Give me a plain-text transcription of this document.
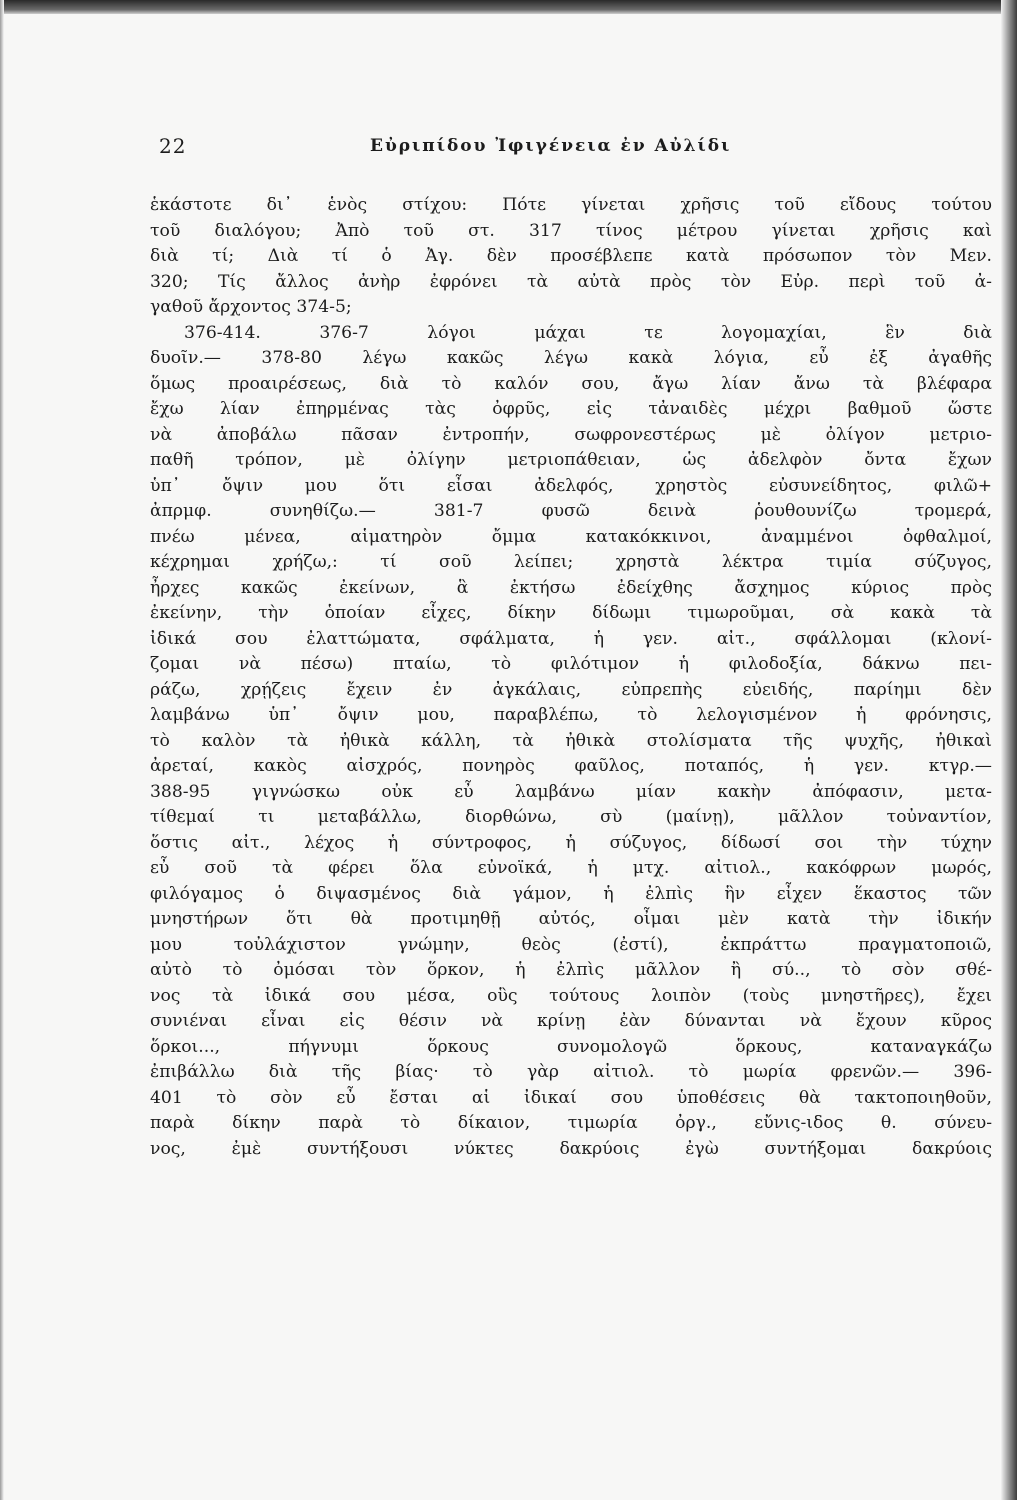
22	Εὐριπίδου Ἰφιγένεια ἐν Αὐλίδι
ἑκάστοτε δι᾽ ἑνὸς στίχου: Πότε γίνεται χρῆσις τοῦ εἴδους τούτου
τοῦ διαλόγου; Ἀπὸ τοῦ στ. 317 τίνος μέτρου γίνεται χρῆσις καὶ
διὰ τί; Διὰ τί ὁ Ἀγ. δὲν προσέβλεπε κατὰ πρόσωπον τὸν Μεν.
320; Τίς ἄλλος ἀνὴρ ἐφρόνει τὰ αὐτὰ πρὸς τὸν Εὐρ. περὶ τοῦ ἀ-
γαθοῦ ἄρχοντος 374-5;
376-414. 376-7 λόγοι μάχαι τε λογομαχίαι, ἓν διὰ
δυοῖν.— 378-80 λέγω κακῶς λέγω κακὰ λόγια, εὖ ἐξ ἀγαθῆς
ὅμως προαιρέσεως, διὰ τὸ καλόν σου, ἄγω λίαν ἄνω τὰ βλέφαρα
ἔχω λίαν ἐπηρμένας τὰς ὀφρῦς, εἰς τἀναιδὲς μέχρι βαθμοῦ ὥστε
νὰ ἀποβάλω πᾶσαν ἐντροπήν, σωφρονεστέρως μὲ ὀλίγον μετριο-
παθῆ τρόπον, μὲ ὀλίγην μετριοπάθειαν, ὡς ἀδελφὸν ὄντα ἔχων
ὑπ᾽ ὄψιν μου ὅτι εἶσαι ἀδελφός, χρηστὸς εὐσυνείδητος, φιλῶ+
ἀπρμφ. συνηθίζω.— 381-7 φυσῶ δεινὰ ῥουθουνίζω τρομερά,
πνέω μένεα, αἱματηρὸν ὄμμα κατακόκκινοι, ἀναμμένοι ὀφθαλμοί,
κέχρημαι χρήζω,: τί σοῦ λείπει; χρηστὰ λέκτρα τιμία σύζυγος,
ἦρχες κακῶς ἐκείνων, ἃ ἐκτήσω ἐδείχθης ἄσχημος κύριος πρὸς
ἐκείνην, τὴν ὁποίαν εἶχες, δίκην δίδωμι τιμωροῦμαι, σὰ κακὰ τὰ
ἰδικά σου ἐλαττώματα, σφάλματα, ἡ γεν. αἰτ., σφάλλομαι (κλονί-
ζομαι νὰ πέσω) πταίω, τὸ φιλότιμον ἡ φιλοδοξία, δάκνω πει-
ράζω, χρῄζεις ἔχειν ἐν ἀγκάλαις, εὐπρεπὴς εὐειδής, παρίημι δὲν
λαμβάνω ὑπ᾽ ὄψιν μου, παραβλέπω, τὸ λελογισμένον ἡ φρόνησις,
τὸ καλὸν τὰ ἠθικὰ κάλλη, τὰ ἠθικὰ στολίσματα τῆς ψυχῆς, ἠθικαὶ
ἀρεταί, κακὸς αἰσχρός, πονηρὸς φαῦλος, ποταπός, ἡ γεν. κτγρ.—
388-95 γιγνώσκω οὐκ εὖ λαμβάνω μίαν κακὴν ἀπόφασιν, μετα-
τίθεμαί τι μεταβάλλω, διορθώνω, σὺ (μαίνῃ), μᾶλλον τοὐναντίον,
ὅστις αἰτ., λέχος ἡ σύντροφος, ἡ σύζυγος, δίδωσί σοι τὴν τύχην
εὖ σοῦ τὰ φέρει ὅλα εὐνοϊκά, ἡ μτχ. αἰτιολ., κακόφρων μωρός,
φιλόγαμος ὁ διψασμένος διὰ γάμον, ἡ ἐλπὶς ἣν εἶχεν ἕκαστος τῶν
μνηστήρων ὅτι θὰ προτιμηθῇ αὐτός, οἶμαι μὲν κατὰ τὴν ἰδικήν
μου τοὐλάχιστον γνώμην, θεὸς (ἐστί), ἐκπράττω πραγματοποιῶ,
αὐτὸ τὸ ὀμόσαι τὸν ὅρκον, ἡ ἐλπὶς μᾶλλον ἢ σύ.., τὸ σὸν σθέ-
νος τὰ ἰδικά σου μέσα, οὓς τούτους λοιπὸν (τοὺς μνηστῆρες), ἔχει
συνιέναι εἶναι εἰς θέσιν νὰ κρίνῃ ἐὰν δύνανται νὰ ἔχουν κῦρος
ὅρκοι..., πήγνυμι ὅρκους συνομολογῶ ὅρκους, καταναγκάζω
ἐπιβάλλω διὰ τῆς βίας· τὸ γὰρ αἰτιολ. τὸ μωρία φρενῶν.— 396-
401 τὸ σὸν εὖ ἔσται αἱ ἰδικαί σου ὑποθέσεις θὰ τακτοποιηθοῦν,
παρὰ δίκην παρὰ τὸ δίκαιον, τιμωρία ὀργ., εὔνις-ιδος θ. σύνευ-
νος, ἐμὲ συντήξουσι νύκτες δακρύοις ἐγὼ συντήξομαι δακρύοις
